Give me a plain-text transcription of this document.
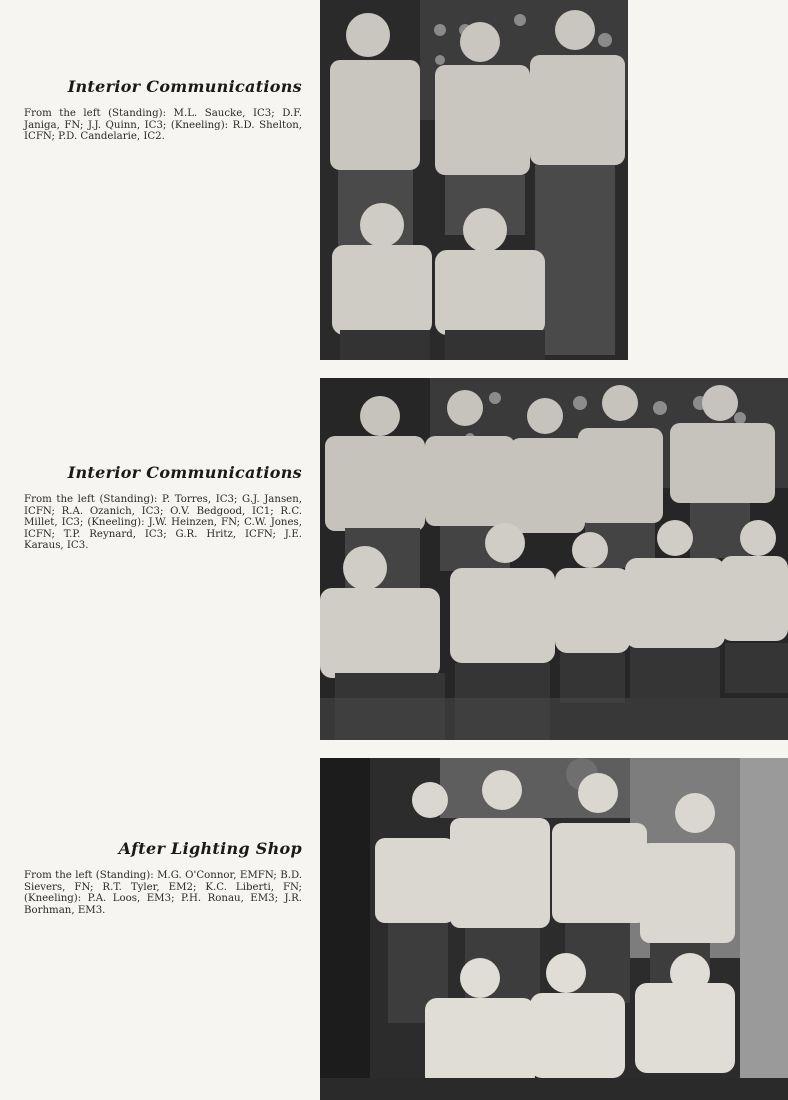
Interior Communications

From the left (Standing): M.L. Saucke, IC3; D.F. Janiga, FN; J.J. Quinn, IC3; (Kneeling): R.D. Shelton, ICFN; P.D. Candelarie, IC2.

Interior Communications

From the left (Standing): P. Torres, IC3; G.J. Jansen, ICFN; R.A. Ozanich, IC3; O.V. Bedgood, IC1; R.C. Millet, IC3; (Kneeling): J.W. Heinzen, FN; C.W. Jones, ICFN; T.P. Reynard, IC3; G.R. Hritz, ICFN; J.E. Karaus, IC3.

After Lighting Shop

From the left (Standing): M.G. O'Connor, EMFN; B.D. Sievers, FN; R.T. Tyler, EM2; K.C. Liberti, FN; (Kneeling): P.A. Loos, EM3; P.H. Ronau, EM3; J.R. Borhman, EM3.
